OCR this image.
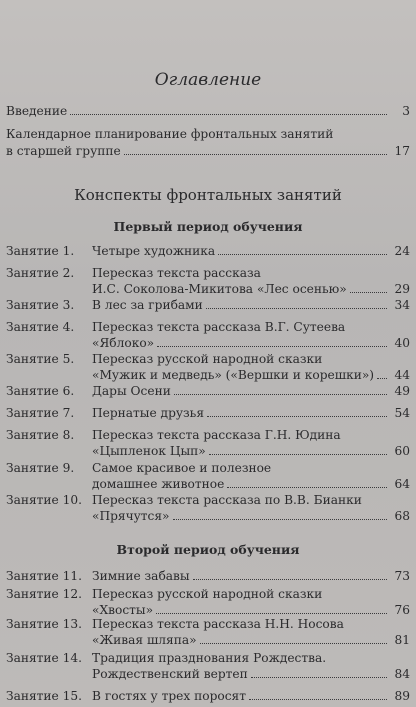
Оглавление
Введение	3
Календарное планирование фронтальных занятий
в старшей группе	17
Конспекты фронтальных занятий
Первый период обучения
Занятие 1.	Четыре художника	24
Занятие 2.	Пересказ текста рассказа
И.С. Соколова-Микитова «Лес осенью»	29
Занятие 3.	В лес за грибами	34
Занятие 4.	Пересказ текста рассказа В.Г. Сутеева
«Яблоко»	40
Занятие 5.	Пересказ русской народной сказки
«Мужик и медведь» («Вершки и корешки»)	44
Занятие 6.	Дары Осени	49
Занятие 7.	Пернатые друзья	54
Занятие 8.	Пересказ текста рассказа Г.Н. Юдина
«Цыпленок Цып»	60
Занятие 9.	Самое красивое и полезное
домашнее животное	64
Занятие 10. Пересказ текста рассказа по В.В. Бианки
«Прячутся»	68
Второй период обучения
Занятие 11. Зимние забавы	73
Занятие 12. Пересказ русской народной сказки
«Хвосты»	76
Занятие 13. Пересказ текста рассказа Н.Н. Носова
«Живая шляпа»	81
Занятие 14. Традиция празднования Рождества.
Рождественский вертеп	84
Занятие 15. В гостях у трех поросят	89
